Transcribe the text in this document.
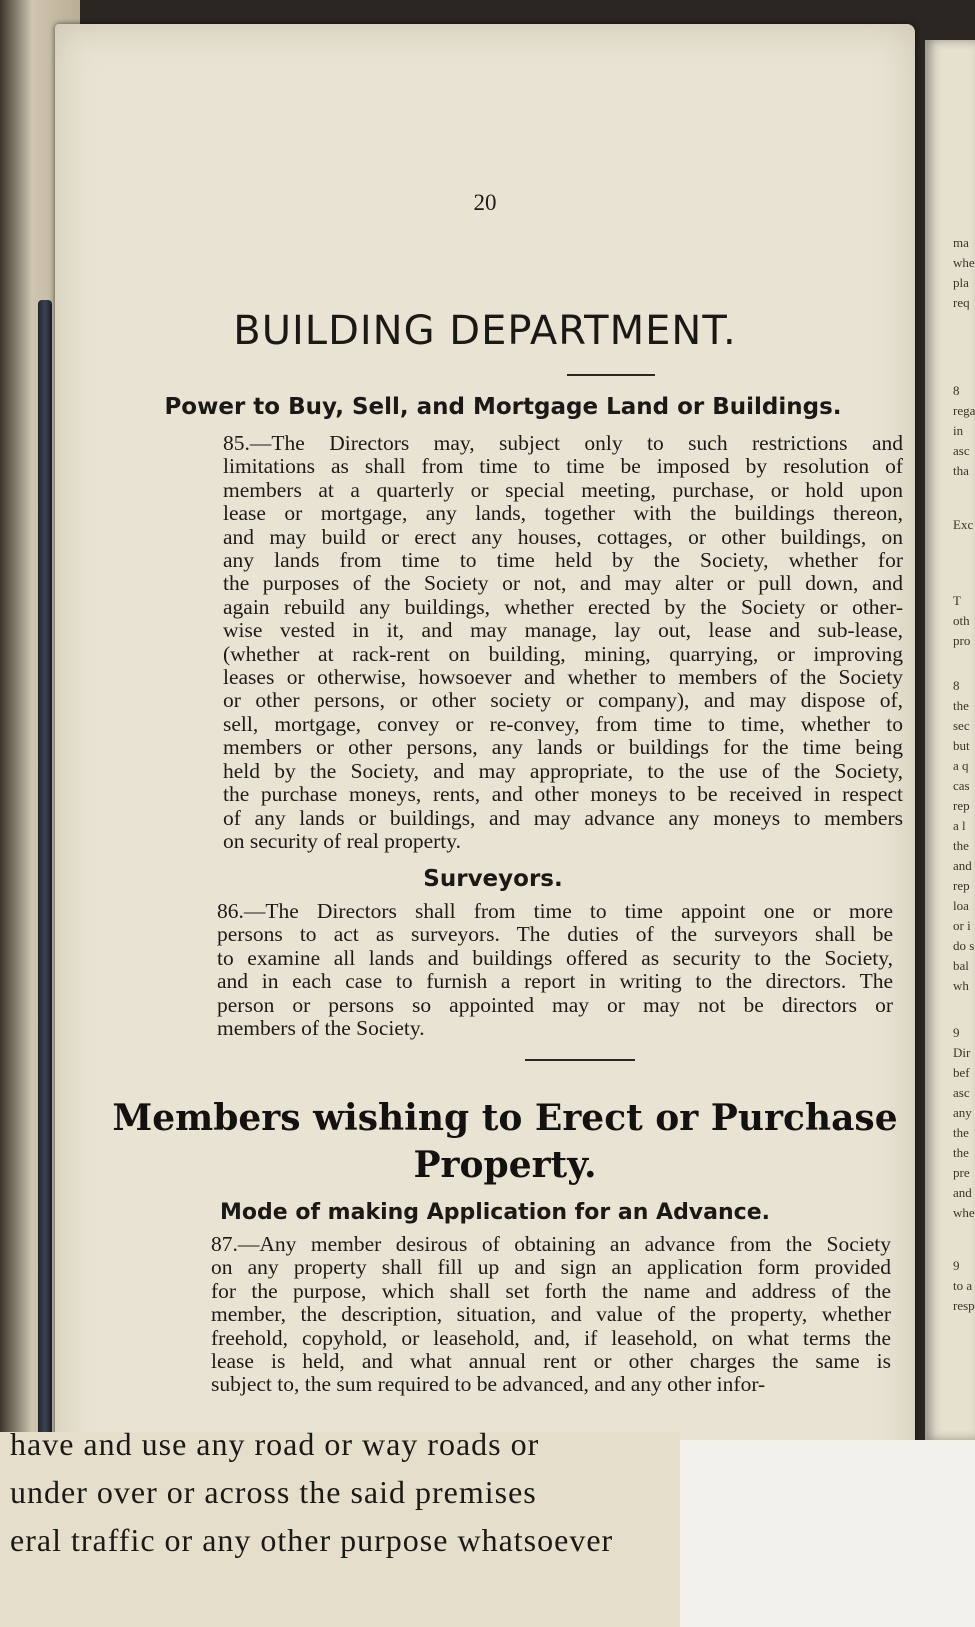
ma
whe
pla
req
8
rega
in
asc
tha
Exc
T
oth
pro
8
the
sec
but
a q
cas
rep
a l
the
and
rep
loa
or i
do s
bal
wh
9
Dir
bef
asc
any
the
the
pre
and
whe
9
to a
resp
20
BUILDING DEPARTMENT.
Power to Buy, Sell, and Mortgage Land or Buildings.
85.—The Directors may, subject only to such restrictions and
limitations as shall from time to time be imposed by resolution of
members at a quarterly or special meeting, purchase, or hold upon
lease or mortgage, any lands, together with the buildings thereon,
and may build or erect any houses, cottages, or other buildings, on
any lands from time to time held by the Society, whether for
the purposes of the Society or not, and may alter or pull down, and
again rebuild any buildings, whether erected by the Society or other-
wise vested in it, and may manage, lay out, lease and sub-lease,
(whether at rack-rent on building, mining, quarrying, or improving
leases or otherwise, howsoever and whether to members of the Society
or other persons, or other society or company), and may dispose of,
sell, mortgage, convey or re-convey, from time to time, whether to
members or other persons, any lands or buildings for the time being
held by the Society, and may appropriate, to the use of the Society,
the purchase moneys, rents, and other moneys to be received in respect
of any lands or buildings, and may advance any moneys to members
on security of real property.
Surveyors.
86.—The Directors shall from time to time appoint one or more
persons to act as surveyors. The duties of the surveyors shall be
to examine all lands and buildings offered as security to the Society,
and in each case to furnish a report in writing to the directors. The
person or persons so appointed may or may not be directors or
members of the Society.
Members wishing to Erect or Purchase
Property.
Mode of making Application for an Advance.
87.—Any member desirous of obtaining an advance from the Society
on any property shall fill up and sign an application form provided
for the purpose, which shall set forth the name and address of the
member, the description, situation, and value of the property, whether
freehold, copyhold, or leasehold, and, if leasehold, on what terms the
lease is held, and what annual rent or other charges the same is
subject to, the sum required to be advanced, and any other infor-
have and use any road or way roads or
under over or across the said premises
eral traffic or any other purpose whatsoever
